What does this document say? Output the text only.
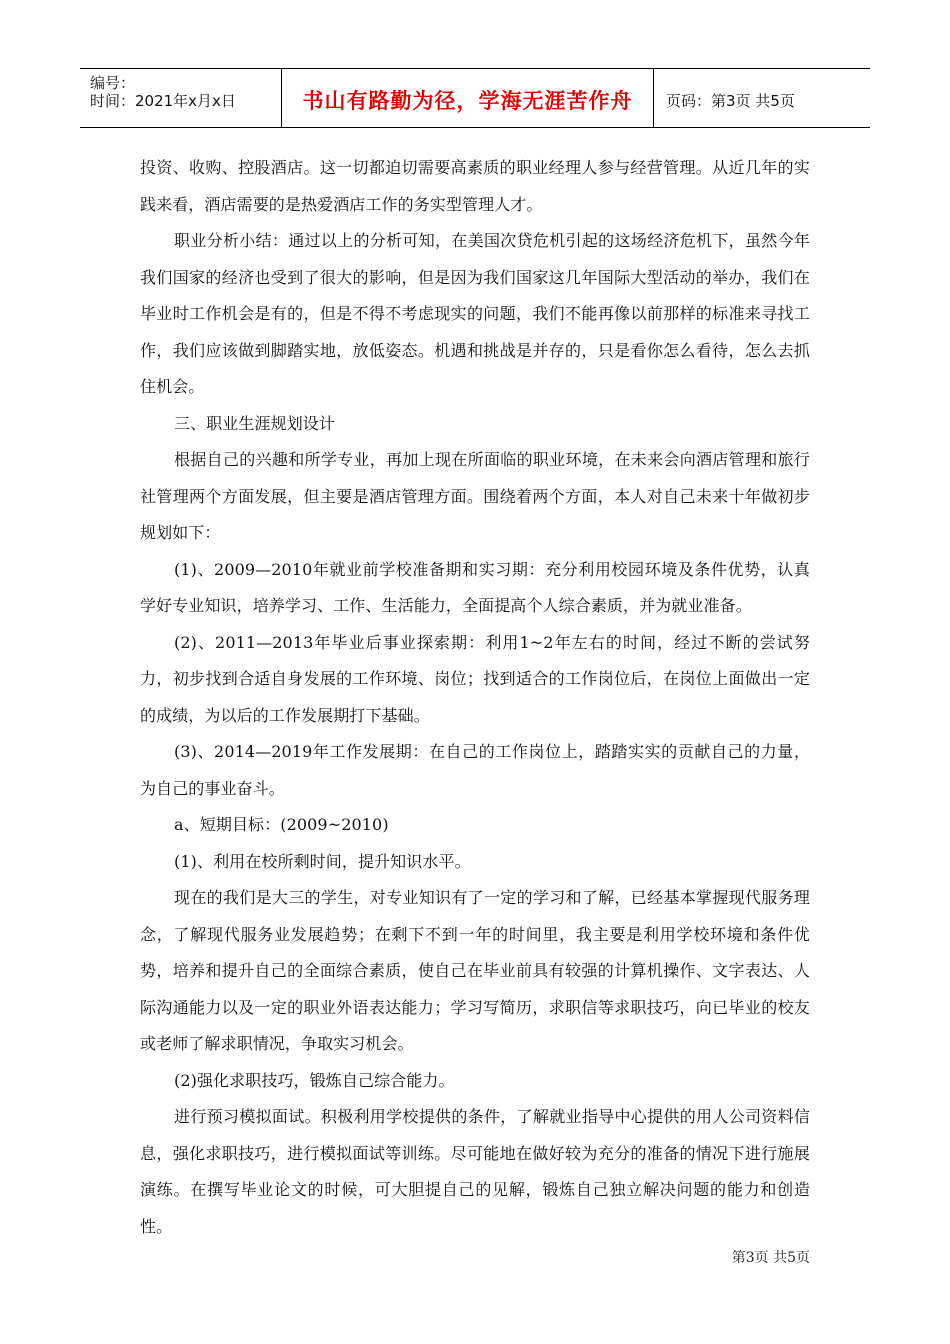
编号：
时间：2021年x月x日	书山有路勤为径，学海无涯苦作舟	页码：第3页 共5页

投资、收购、控股酒店。这一切都迫切需要高素质的职业经理人参与经营管理。从近几年的实践来看，酒店需要的是热爱酒店工作的务实型管理人才。

职业分析小结：通过以上的分析可知，在美国次贷危机引起的这场经济危机下，虽然今年我们国家的经济也受到了很大的影响，但是因为我们国家这几年国际大型活动的举办，我们在毕业时工作机会是有的，但是不得不考虑现实的问题，我们不能再像以前那样的标准来寻找工作，我们应该做到脚踏实地，放低姿态。机遇和挑战是并存的，只是看你怎么看待，怎么去抓住机会。

三、职业生涯规划设计

根据自己的兴趣和所学专业，再加上现在所面临的职业环境，在未来会向酒店管理和旅行社管理两个方面发展，但主要是酒店管理方面。围绕着两个方面，本人对自己未来十年做初步规划如下：

(1)、2009—2010年就业前学校准备期和实习期：充分利用校园环境及条件优势，认真学好专业知识，培养学习、工作、生活能力，全面提高个人综合素质，并为就业准备。

(2)、2011—2013年毕业后事业探索期：利用1~2年左右的时间，经过不断的尝试努力，初步找到合适自身发展的工作环境、岗位；找到适合的工作岗位后，在岗位上面做出一定的成绩，为以后的工作发展期打下基础。

(3)、2014—2019年工作发展期：在自己的工作岗位上，踏踏实实的贡献自己的力量，为自己的事业奋斗。

a、短期目标：(2009~2010)

(1)、利用在校所剩时间，提升知识水平。

现在的我们是大三的学生，对专业知识有了一定的学习和了解，已经基本掌握现代服务理念，了解现代服务业发展趋势；在剩下不到一年的时间里，我主要是利用学校环境和条件优势，培养和提升自己的全面综合素质，使自己在毕业前具有较强的计算机操作、文字表达、人际沟通能力以及一定的职业外语表达能力；学习写简历，求职信等求职技巧，向已毕业的校友或老师了解求职情况，争取实习机会。

(2)强化求职技巧，锻炼自己综合能力。

进行预习模拟面试。积极利用学校提供的条件，了解就业指导中心提供的用人公司资料信息，强化求职技巧，进行模拟面试等训练。尽可能地在做好较为充分的准备的情况下进行施展演练。在撰写毕业论文的时候，可大胆提自己的见解，锻炼自己独立解决问题的能力和创造性。

第3页 共5页
